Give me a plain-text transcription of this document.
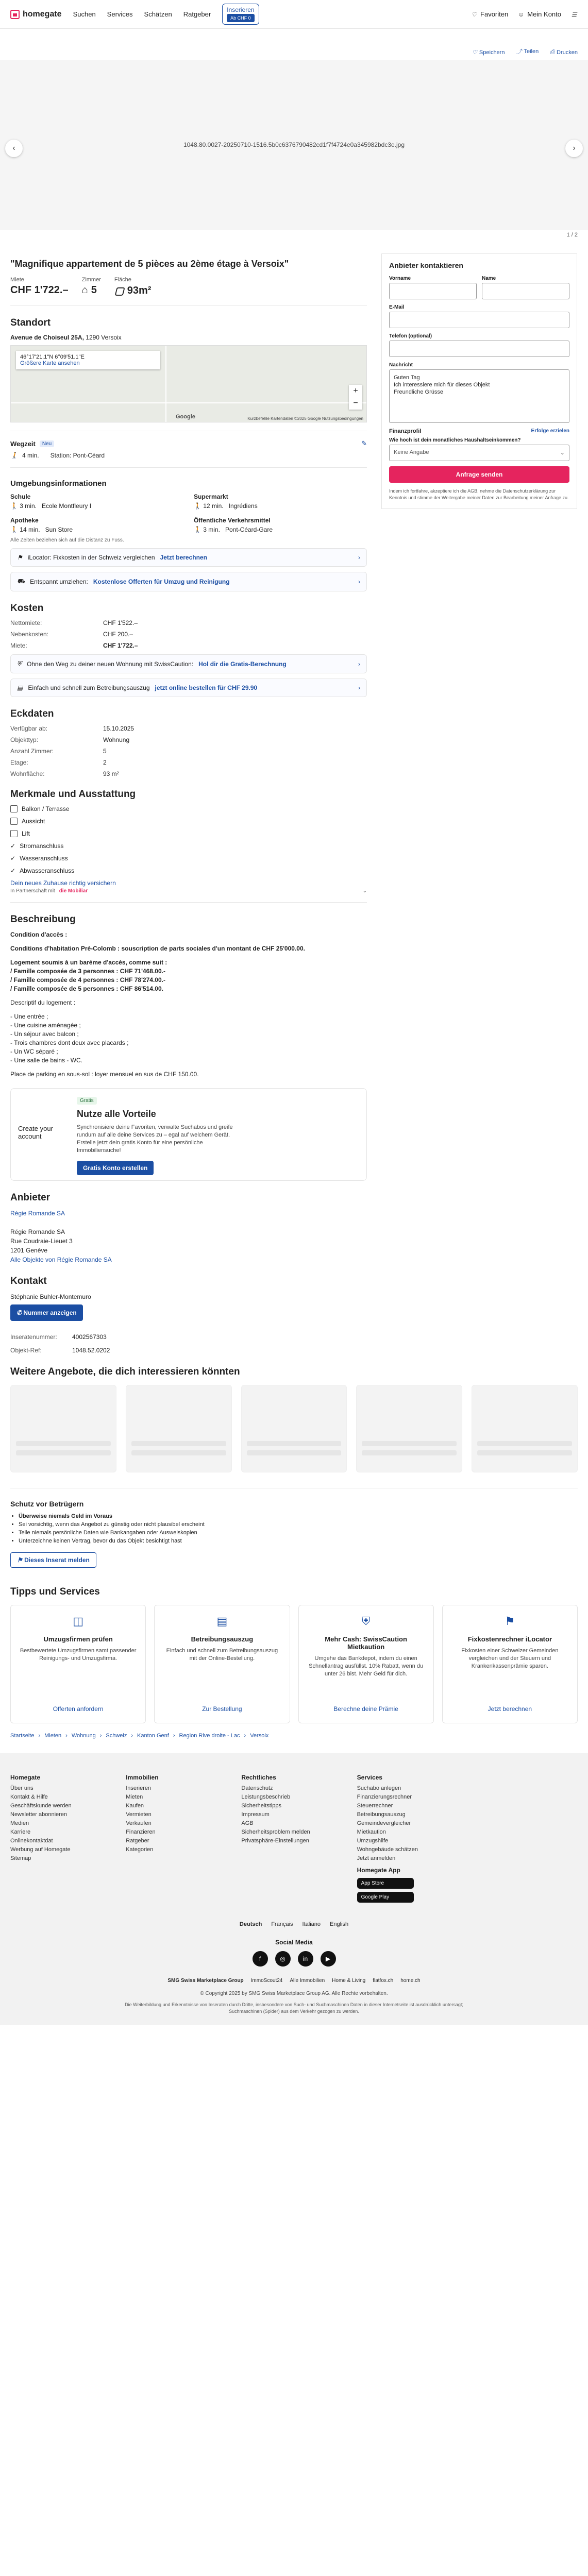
homegate Suchen Services Schätzen Ratgeber
Inserieren
Ab CHF 0
♡ Favoriten ☺ Mein Konto ☰
♡ Speichern ⤴ Teilen ⎙ Drucken
‹	1048.80.0027-20250710-1516.5b0c6376790482cd1f7f4724e0a345982bdc3e.jpg	›
1 / 2
"Magnifique appartement de 5 pièces au 2ème étage à Versoix"
Miete
CHF 1'722.–
Zimmer
⌂ 5
Fläche
▢ 93m²
Standort
Avenue de Choiseul 25A, 1290 Versoix
46°17'21.1"N 6°09'51.1"E
Größere Karte ansehen
+
−
Google	Kurzbefehle Kartendaten ©2025 Google Nutzungsbedingungen
Wegzeit	Neu	✎
🚶 4 min. Station: Pont-Céard
Umgebungsinformationen
Schule
🚶 3 min. Ecole Montfleury I
Supermarkt
🚶 12 min. Ingrédiens
Apotheke
🚶 14 min. Sun Store
Öffentliche Verkehrsmittel
🚶 3 min. Pont-Céard-Gare
Alle Zeiten beziehen sich auf die Distanz zu Fuss.
⚑ iLocator: Fixkosten in der Schweiz vergleichen Jetzt berechnen	›
⛟ Entspannt umziehen: Kostenlose Offerten für Umzug und Reinigung	›
Kosten
Nettomiete:	CHF 1'522.–
Nebenkosten:	CHF 200.–
Miete:	CHF 1'722.–
⛨ Ohne den Weg zu deiner neuen Wohnung mit SwissCaution: Hol dir die Gratis-Berechnung	›
▤ Einfach und schnell zum Betreibungsauszug jetzt online bestellen für CHF 29.90	›
Eckdaten
Verfügbar ab:	15.10.2025
Objekttyp:	Wohnung
Anzahl Zimmer:	5
Etage:	2
Wohnfläche:	93 m²
Merkmale und Ausstattung
Balkon / Terrasse
Aussicht
Lift
✓ Stromanschluss
✓ Wasseranschluss
✓ Abwasseranschluss
Dein neues Zuhause richtig versichern
In Partnerschaft mit die Mobiliar	⌄
Beschreibung

Condition d'accès :

Conditions d'habitation Pré-Colomb : souscription de parts sociales d'un montant de CHF 25'000.00.

Logement soumis à un barème d'accès, comme suit :
/ Famille composée de 3 personnes : CHF 71'468.00.-
/ Famille composée de 4 personnes : CHF 78'274.00.-
/ Famille composée de 5 personnes : CHF 86'514.00.

Descriptif du logement :

- Une entrée ;
- Une cuisine aménagée ;
- Un séjour avec balcon ;
- Trois chambres dont deux avec placards ;
- Un WC séparé ;
- Une salle de bains - WC.

Place de parking en sous-sol : loyer mensuel en sus de CHF 150.00.

Create your account
Gratis
Nutze alle Vorteile

Synchronisiere deine Favoriten, verwalte Suchabos und greife rundum auf alle deine Services zu – egal auf welchem Gerät. Erstelle jetzt dein gratis Konto für eine persönliche Immobiliensuche!

Gratis Konto erstellen
Anbieter
Régie Romande SA

Régie Romande SA
Rue Coudraie-Lieuet 3
1201 Genève
Alle Objekte von Régie Romande SA
Kontakt
Stéphanie Buhler-Montemuro
✆ Nummer anzeigen
Inseratenummer:	4002567303
Objekt-Ref:	1048.52.0202
Anbieter kontaktieren
Vorname	Name
E-Mail
Telefon (optional)
Nachricht
Guten Tag
Ich interessiere mich für dieses Objekt
Freundliche Grüsse
Finanzprofil	Erfolge erzielen
Wie hoch ist dein monatliches Haushaltseinkommen?
Keine Angabe	⌄
Anfrage senden
Indem ich fortfahre, akzeptiere ich die AGB, nehme die Datenschutzerklärung zur Kenntnis und stimme der Weitergabe meiner Daten zur Bearbeitung meiner Anfrage zu.
Weitere Angebote, die dich interessieren könnten
Schutz vor Betrügern
• Überweise niemals Geld im Voraus
• Sei vorsichtig, wenn das Angebot zu günstig oder nicht plausibel erscheint
• Teile niemals persönliche Daten wie Bankangaben oder Ausweiskopien
• Unterzeichne keinen Vertrag, bevor du das Objekt besichtigt hast
⚑ Dieses Inserat melden
Tipps und Services
◫
Umzugsfirmen prüfen

Bestbewertete Umzugsfirmen samt passender Reinigungs- und Umzugsfirma.

Offerten anfordern
▤
Betreibungsauszug

Einfach und schnell zum Betreibungsauszug mit der Online-Bestellung.

Zur Bestellung
⛨
Mehr Cash: SwissCaution Mietkaution

Umgehe das Bankdepot, indem du einen Schnellantrag ausfüllst. 10% Rabatt, wenn du unter 26 bist. Mehr Geld für dich.

Berechne deine Prämie
⚑
Fixkostenrechner iLocator

Fixkosten einer Schweizer Gemeinden vergleichen und der Steuern und Krankenkassenprämie sparen.

Jetzt berechnen
Startseite › Mieten › Wohnung › Schweiz › Kanton Genf › Region Rive droite - Lac › Versoix
Homegate
Über uns
Kontakt & Hilfe
Geschäftskunde werden
Newsletter abonnieren
Medien
Karriere
Onlinekontaktdat
Werbung auf Homegate
Sitemap
Immobilien
Inserieren
Mieten
Kaufen
Vermieten
Verkaufen
Finanzieren
Ratgeber
Kategorien
Rechtliches
Datenschutz
Leistungsbeschrieb
Sicherheitstipps
Impressum
AGB
Sicherheitsproblem melden
Privatsphäre-Einstellungen
Services
Suchabo anlegen
Finanzierungsrechner
Steuerrechner
Betreibungsauszug
Gemeindevergleicher
Mietkaution
Umzugshilfe
Wohngebäude schätzen
Jetzt anmelden
Homegate App
App Store
Google Play
Deutsch Français Italiano English
Social Media
f	◎	in	▶
SMG Swiss Marketplace Group ImmoScout24 Alle Immobilien Home & Living flatfox.ch home.ch
© Copyright 2025 by SMG Swiss Marketplace Group AG. Alle Rechte vorbehalten.
Die Weiterbildung und Erkenntnisse von Inseraten durch Dritte, insbesondere von Such- und Suchmaschinen Daten in dieser Internetseite ist ausdrücklich untersagt; Suchmaschinen (Spider) aus dem Verkehr gezogen zu werden.
